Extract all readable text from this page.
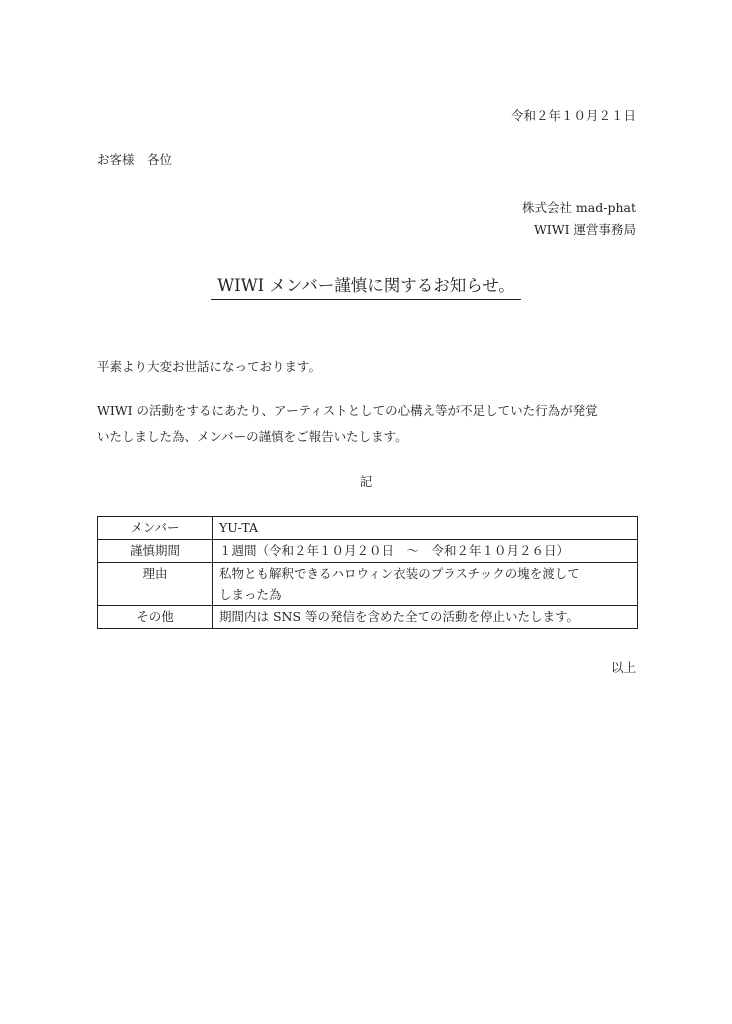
令和２年１０月２１日
お客様　各位
株式会社 mad-phat
WIWI 運営事務局
WIWI メンバー謹慎に関するお知らせ。
平素より大変お世話になっております。
WIWI の活動をするにあたり、アーティストとしての心構え等が不足していた行為が発覚
いたしました為、メンバーの謹慎をご報告いたします。
記
メンバー	YU-TA
謹慎期間	１週間（令和２年１０月２０日　～　令和２年１０月２６日）
理由	私物とも解釈できるハロウィン衣装のプラスチックの塊を渡して
しまった為

その他	期間内は SNS 等の発信を含めた全ての活動を停止いたします。
以上
